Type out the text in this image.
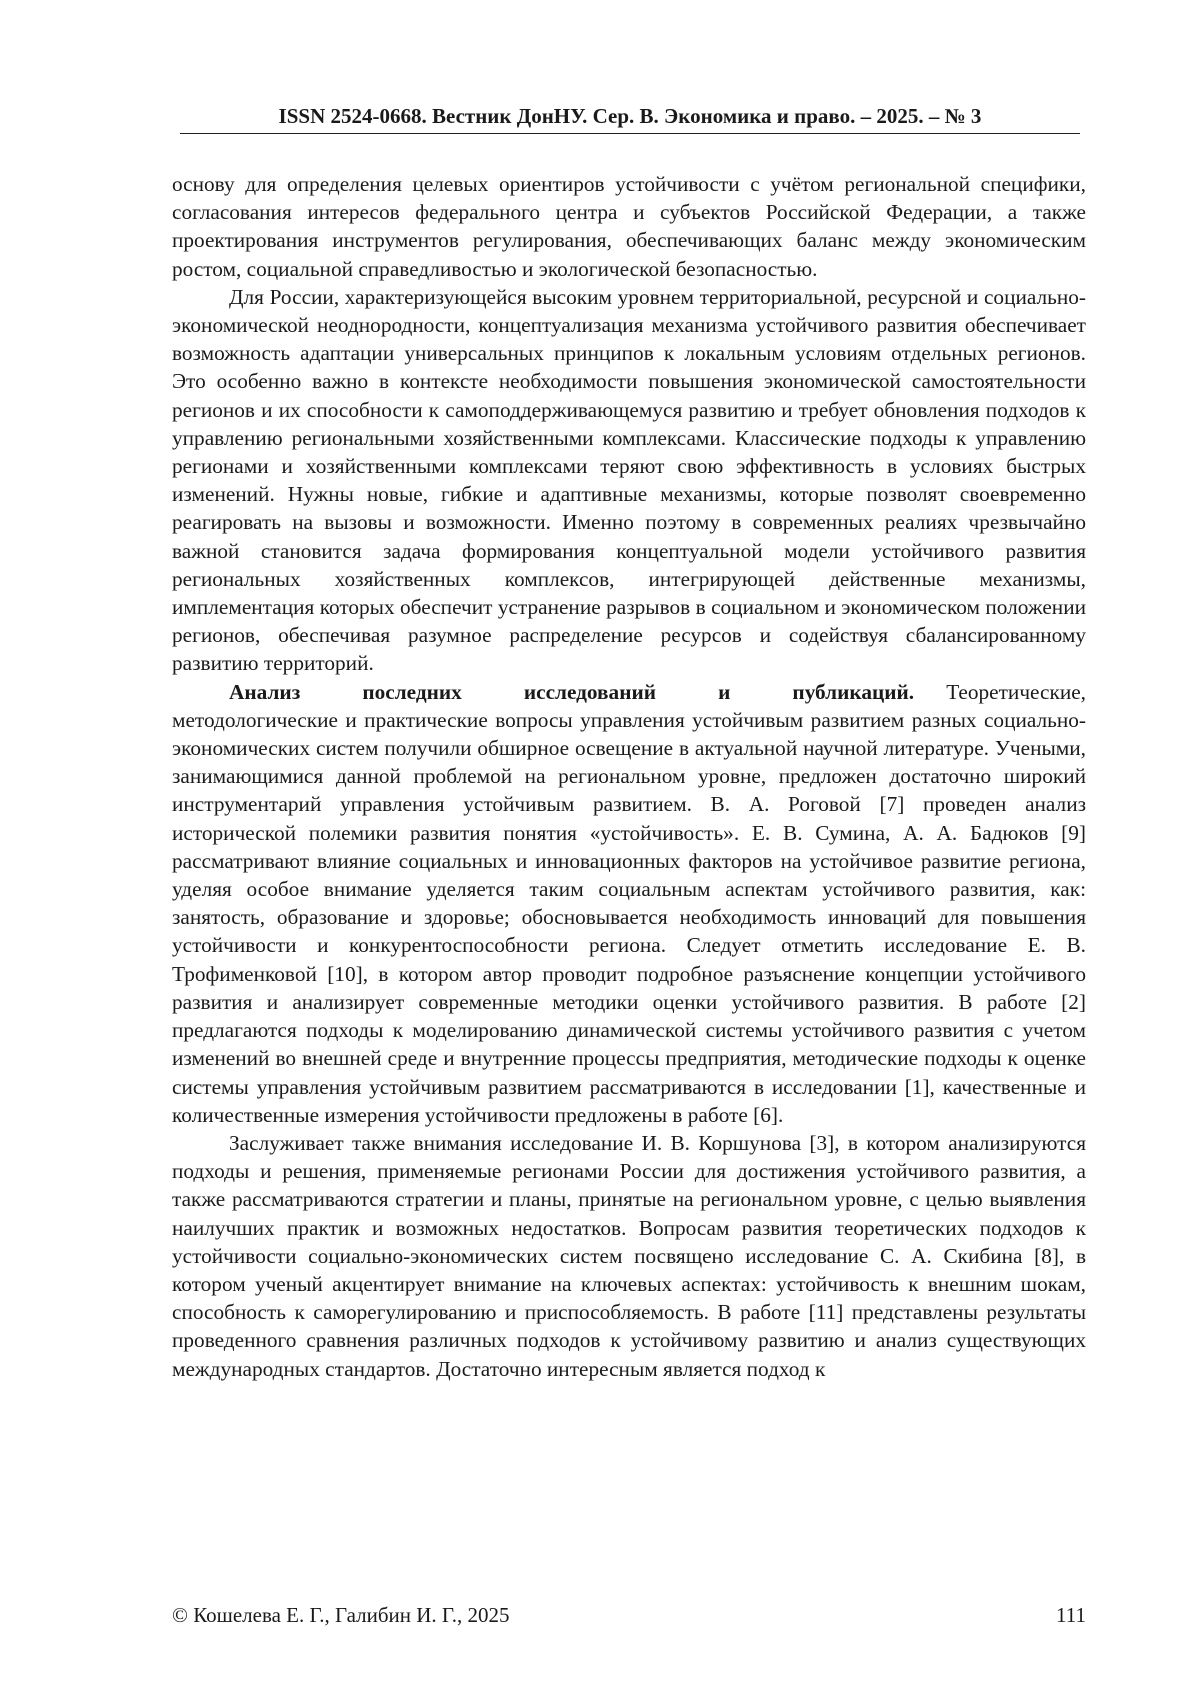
ISSN 2524-0668. Вестник ДонНУ. Сер. В. Экономика и право. – 2025. – № 3

основу для определения целевых ориентиров устойчивости с учётом региональной специфики, согласования интересов федерального центра и субъектов Российской Федерации, а также проектирования инструментов регулирования, обеспечивающих баланс между экономическим ростом, социальной справедливостью и экологической безопасностью.

Для России, характеризующейся высоким уровнем территориальной, ресурсной и социально-экономической неоднородности, концептуализация механизма устойчивого развития обеспечивает возможность адаптации универсальных принципов к локальным условиям отдельных регионов. Это особенно важно в контексте необходимости повышения экономической самостоятельности регионов и их способности к самоподдерживающемуся развитию и требует обновления подходов к управлению региональными хозяйственными комплексами. Классические подходы к управлению регионами и хозяйственными комплексами теряют свою эффективность в условиях быстрых изменений. Нужны новые, гибкие и адаптивные механизмы, которые позволят своевременно реагировать на вызовы и возможности. Именно поэтому в современных реалиях чрезвычайно важной становится задача формирования концептуальной модели устойчивого развития региональных хозяйственных комплексов, интегрирующей действенные механизмы, имплементация которых обеспечит устранение разрывов в социальном и экономическом положении регионов, обеспечивая разумное распределение ресурсов и содействуя сбалансированному развитию территорий.

Анализ последних исследований и публикаций. Теоретические, методологические и практические вопросы управления устойчивым развитием разных социально-экономических систем получили обширное освещение в актуальной научной литературе. Учеными, занимающимися данной проблемой на региональном уровне, предложен достаточно широкий инструментарий управления устойчивым развитием. В. А. Роговой [7] проведен анализ исторической полемики развития понятия «устойчивость». Е. В. Сумина, А. А. Бадюков [9] рассматривают влияние социальных и инновационных факторов на устойчивое развитие региона, уделяя особое внимание уделяется таким социальным аспектам устойчивого развития, как: занятость, образование и здоровье; обосновывается необходимость инноваций для повышения устойчивости и конкурентоспособности региона. Следует отметить исследование Е. В. Трофименковой [10], в котором автор проводит подробное разъяснение концепции устойчивого развития и анализирует современные методики оценки устойчивого развития. В работе [2] предлагаются подходы к моделированию динамической системы устойчивого развития с учетом изменений во внешней среде и внутренние процессы предприятия, методические подходы к оценке системы управления устойчивым развитием рассматриваются в исследовании [1], качественные и количественные измерения устойчивости предложены в работе [6].

Заслуживает также внимания исследование И. В. Коршунова [3], в котором анализируются подходы и решения, применяемые регионами России для достижения устойчивого развития, а также рассматриваются стратегии и планы, принятые на региональном уровне, с целью выявления наилучших практик и возможных недостатков. Вопросам развития теоретических подходов к устойчивости социально-экономических систем посвящено исследование С. А. Скибина [8], в котором ученый акцентирует внимание на ключевых аспектах: устойчивость к внешним шокам, способность к саморегулированию и приспособляемость. В работе [11] представлены результаты проведенного сравнения различных подходов к устойчивому развитию и анализ существующих международных стандартов. Достаточно интересным является подход к

© Кошелева Е. Г., Галибин И. Г., 2025	111
